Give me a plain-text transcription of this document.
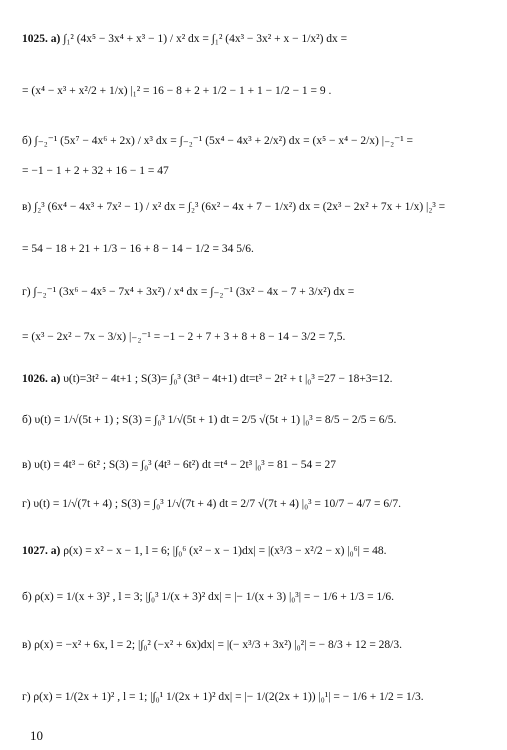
1025. а) ∫₁² (4x⁵ − 3x⁴ + x³ − 1) / x² dx = ∫₁² (4x³ − 3x² + x − 1/x²) dx =
= (x⁴ − x³ + x²/2 + 1/x) |₁² = 16 − 8 + 2 + 1/2 − 1 + 1 − 1/2 − 1 = 9 .
б) ∫₋₂⁻¹ (5x⁷ − 4x⁶ + 2x) / x³ dx = ∫₋₂⁻¹ (5x⁴ − 4x³ + 2/x²) dx = (x⁵ − x⁴ − 2/x) |₋₂⁻¹ =
= −1 − 1 + 2 + 32 + 16 − 1 = 47
в) ∫₂³ (6x⁴ − 4x³ + 7x² − 1) / x² dx = ∫₂³ (6x² − 4x + 7 − 1/x²) dx = (2x³ − 2x² + 7x + 1/x) |₂³ =
= 54 − 18 + 21 + 1/3 − 16 + 8 − 14 − 1/2 = 34 5/6.
г) ∫₋₂⁻¹ (3x⁶ − 4x⁵ − 7x⁴ + 3x²) / x⁴ dx = ∫₋₂⁻¹ (3x² − 4x − 7 + 3/x²) dx =
= (x³ − 2x² − 7x − 3/x) |₋₂⁻¹ = −1 − 2 + 7 + 3 + 8 + 8 − 14 − 3/2 = 7,5.
1026. а) υ(t)=3t² − 4t+1 ; S(3)= ∫₀³ (3t³ − 4t+1) dt=t³ − 2t² + t |₀³ =27 − 18+3=12.
б) υ(t) = 1/√(5t + 1) ; S(3) = ∫₀³ 1/√(5t + 1) dt = 2/5 √(5t + 1) |₀³ = 8/5 − 2/5 = 6/5.
в) υ(t) = 4t³ − 6t² ; S(3) = ∫₀³ (4t³ − 6t²) dt =t⁴ − 2t³ |₀³ = 81 − 54 = 27
г) υ(t) = 1/√(7t + 4) ; S(3) = ∫₀³ 1/√(7t + 4) dt = 2/7 √(7t + 4) |₀³ = 10/7 − 4/7 = 6/7.
1027. а) ρ(x) = x² − x − 1, l = 6; |∫₀⁶ (x² − x − 1)dx| = |(x³/3 − x²/2 − x) |₀⁶| = 48.
б) ρ(x) = 1/(x + 3)² , l = 3; |∫₀³ 1/(x + 3)² dx| = |− 1/(x + 3) |₀³| = − 1/6 + 1/3 = 1/6.
в) ρ(x) = −x² + 6x, l = 2; |∫₀² (−x² + 6x)dx| = |(− x³/3 + 3x²) |₀²| = − 8/3 + 12 = 28/3.
г) ρ(x) = 1/(2x + 1)² , l = 1; |∫₀¹ 1/(2x + 1)² dx| = |− 1/(2(2x + 1)) |₀¹| = − 1/6 + 1/2 = 1/3.
10
